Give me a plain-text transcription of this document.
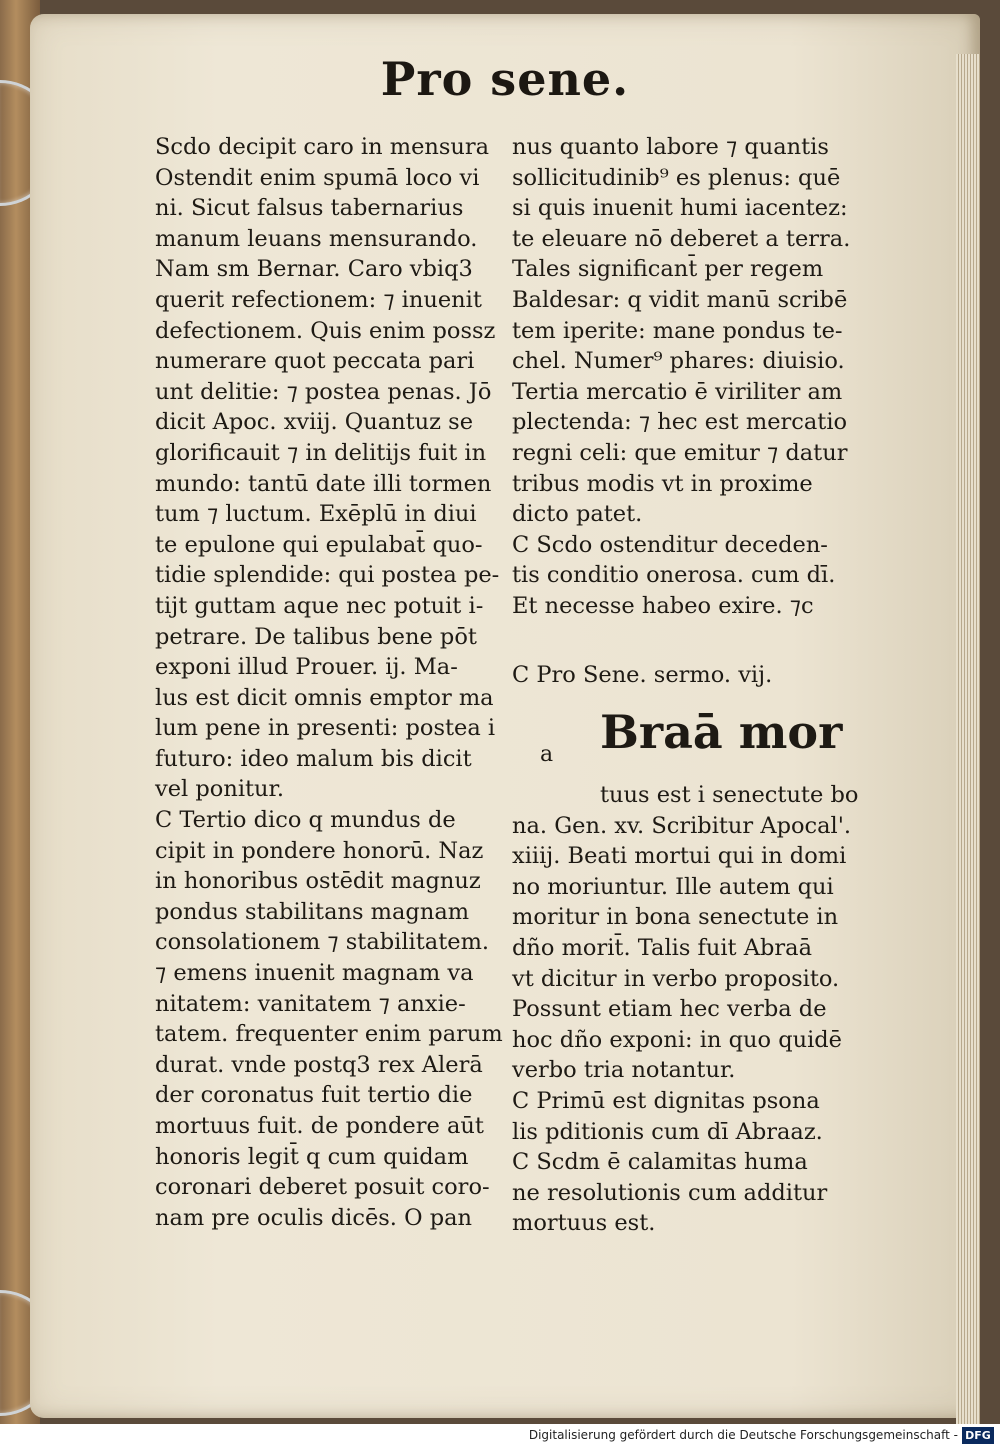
Pro sene.
Scdo decipit caro in mensura
Ostendit enim spumā loco vi
ni. Sicut falsus tabernarius
manum leuans mensurando.
Nam sm Bernar. Caro vbiq3
querit refectionem: ⁊ inuenit
defectionem. Quis enim possz
numerare quot peccata pari
unt delitie: ⁊ postea penas. Jō
dicit Apoc. xviij. Quantuz se
glorificauit ⁊ in delitijs fuit in
mundo: tantū date illi tormen
tum ⁊ luctum. Exēplū in diui
te epulone qui epulabat̄ quo-
tidie splendide: qui postea pe-
tijt guttam aque nec potuit i-
petrare. De talibus bene pōt
exponi illud Prouer. ij. Ma-
lus est dicit omnis emptor ma
lum pene in presenti: postea i
futuro: ideo malum bis dicit
vel ponitur.
C Tertio dico q mundus de
cipit in pondere honorū. Naz
in honoribus ostēdit magnuz
pondus stabilitans magnam
consolationem ⁊ stabilitatem.
⁊ emens inuenit magnam va
nitatem: vanitatem ⁊ anxie-
tatem. frequenter enim parum
durat. vnde postq3 rex Alerā
der coronatus fuit tertio die
mortuus fuit. de pondere aūt
honoris legit̄ q cum quidam
coronari deberet posuit coro-
nam pre oculis dicēs. O pan
nus quanto labore ⁊ quantis
sollicitudinib⁹ es plenus: quē
si quis inuenit humi iacentez:
te eleuare nō deberet a terra.
Tales significant̄ per regem
Baldesar: q vidit manū scribē
tem iperite: mane pondus te-
chel. Numer⁹ phares: diuisio.
Tertia mercatio ē viriliter am
plectenda: ⁊ hec est mercatio
regni celi: que emitur ⁊ datur
tribus modis vt in proxime
dicto patet.
C Scdo ostenditur deceden-
tis conditio onerosa. cum dī.
Et necesse habeo exire. ⁊c
C Pro Sene. sermo. vij.
a Braā mor
tuus est i senectute bo
na. Gen. xv. Scribitur Apocal'.
xiiij. Beati mortui qui in domi
no moriuntur. Ille autem qui
moritur in bona senectute in
dño morit̄. Talis fuit Abraā
vt dicitur in verbo proposito.
Possunt etiam hec verba de
hoc dño exponi: in quo quidē
verbo tria notantur.
C Primū est dignitas psona
lis pditionis cum dī Abraaz.
C Scdm ē calamitas huma
ne resolutionis cum additur
mortuus est.
Digitalisierung gefördert durch die Deutsche Forschungsgemeinschaft - DFG
